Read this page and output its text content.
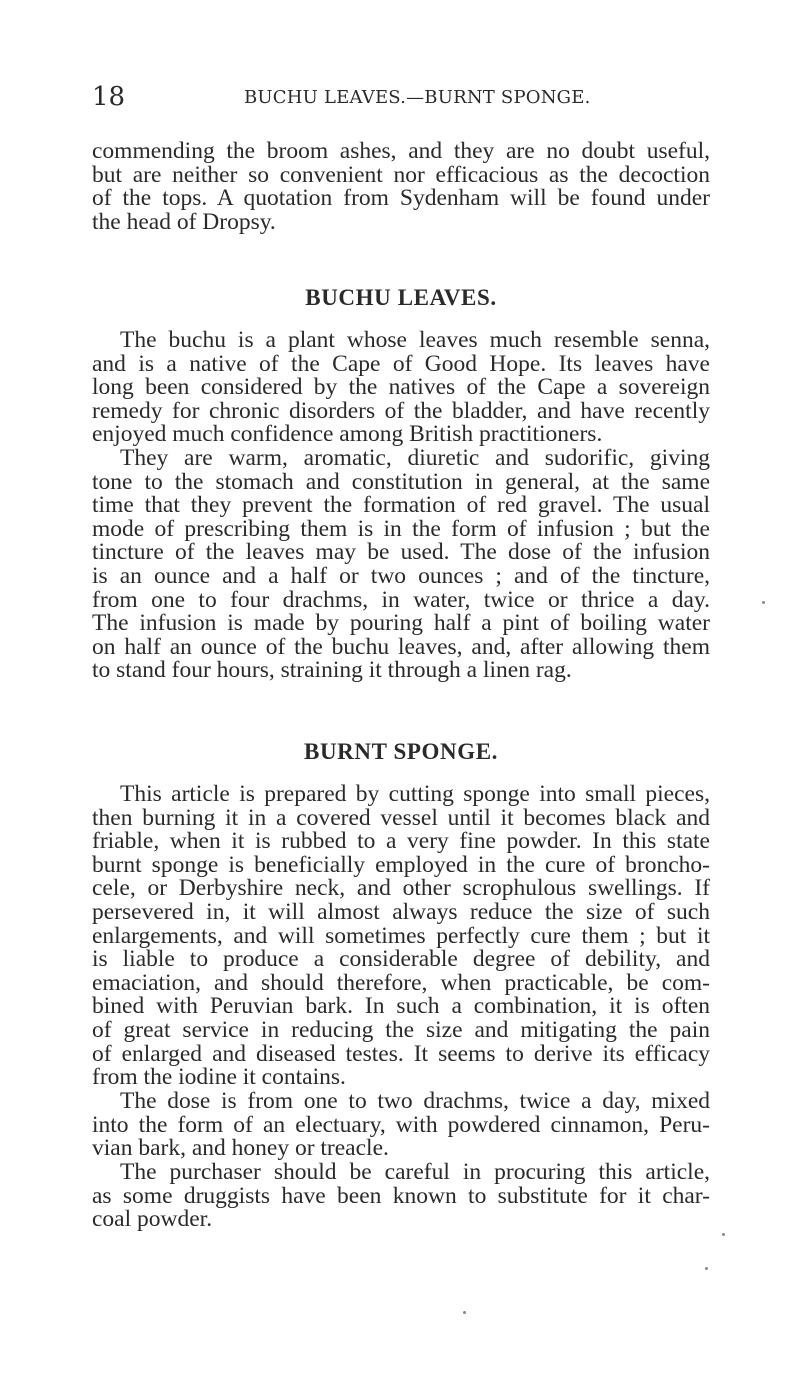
18	BUCHU LEAVES.—BURNT SPONGE.
commending the broom ashes, and they are no doubt useful,
but are neither so convenient nor efficacious as the decoction
of the tops. A quotation from Sydenham will be found under
the head of Dropsy.
BUCHU LEAVES.
The buchu is a plant whose leaves much resemble senna,
and is a native of the Cape of Good Hope. Its leaves have
long been considered by the natives of the Cape a sovereign
remedy for chronic disorders of the bladder, and have recently
enjoyed much confidence among British practitioners.
They are warm, aromatic, diuretic and sudorific, giving
tone to the stomach and constitution in general, at the same
time that they prevent the formation of red gravel. The usual
mode of prescribing them is in the form of infusion ; but the
tincture of the leaves may be used. The dose of the infusion
is an ounce and a half or two ounces ; and of the tincture,
from one to four drachms, in water, twice or thrice a day.
The infusion is made by pouring half a pint of boiling water
on half an ounce of the buchu leaves, and, after allowing them
to stand four hours, straining it through a linen rag.
BURNT SPONGE.
This article is prepared by cutting sponge into small pieces,
then burning it in a covered vessel until it becomes black and
friable, when it is rubbed to a very fine powder. In this state
burnt sponge is beneficially employed in the cure of broncho-
cele, or Derbyshire neck, and other scrophulous swellings. If
persevered in, it will almost always reduce the size of such
enlargements, and will sometimes perfectly cure them ; but it
is liable to produce a considerable degree of debility, and
emaciation, and should therefore, when practicable, be com-
bined with Peruvian bark. In such a combination, it is often
of great service in reducing the size and mitigating the pain
of enlarged and diseased testes. It seems to derive its efficacy
from the iodine it contains.
The dose is from one to two drachms, twice a day, mixed
into the form of an electuary, with powdered cinnamon, Peru-
vian bark, and honey or treacle.
The purchaser should be careful in procuring this article,
as some druggists have been known to substitute for it char-
coal powder.
